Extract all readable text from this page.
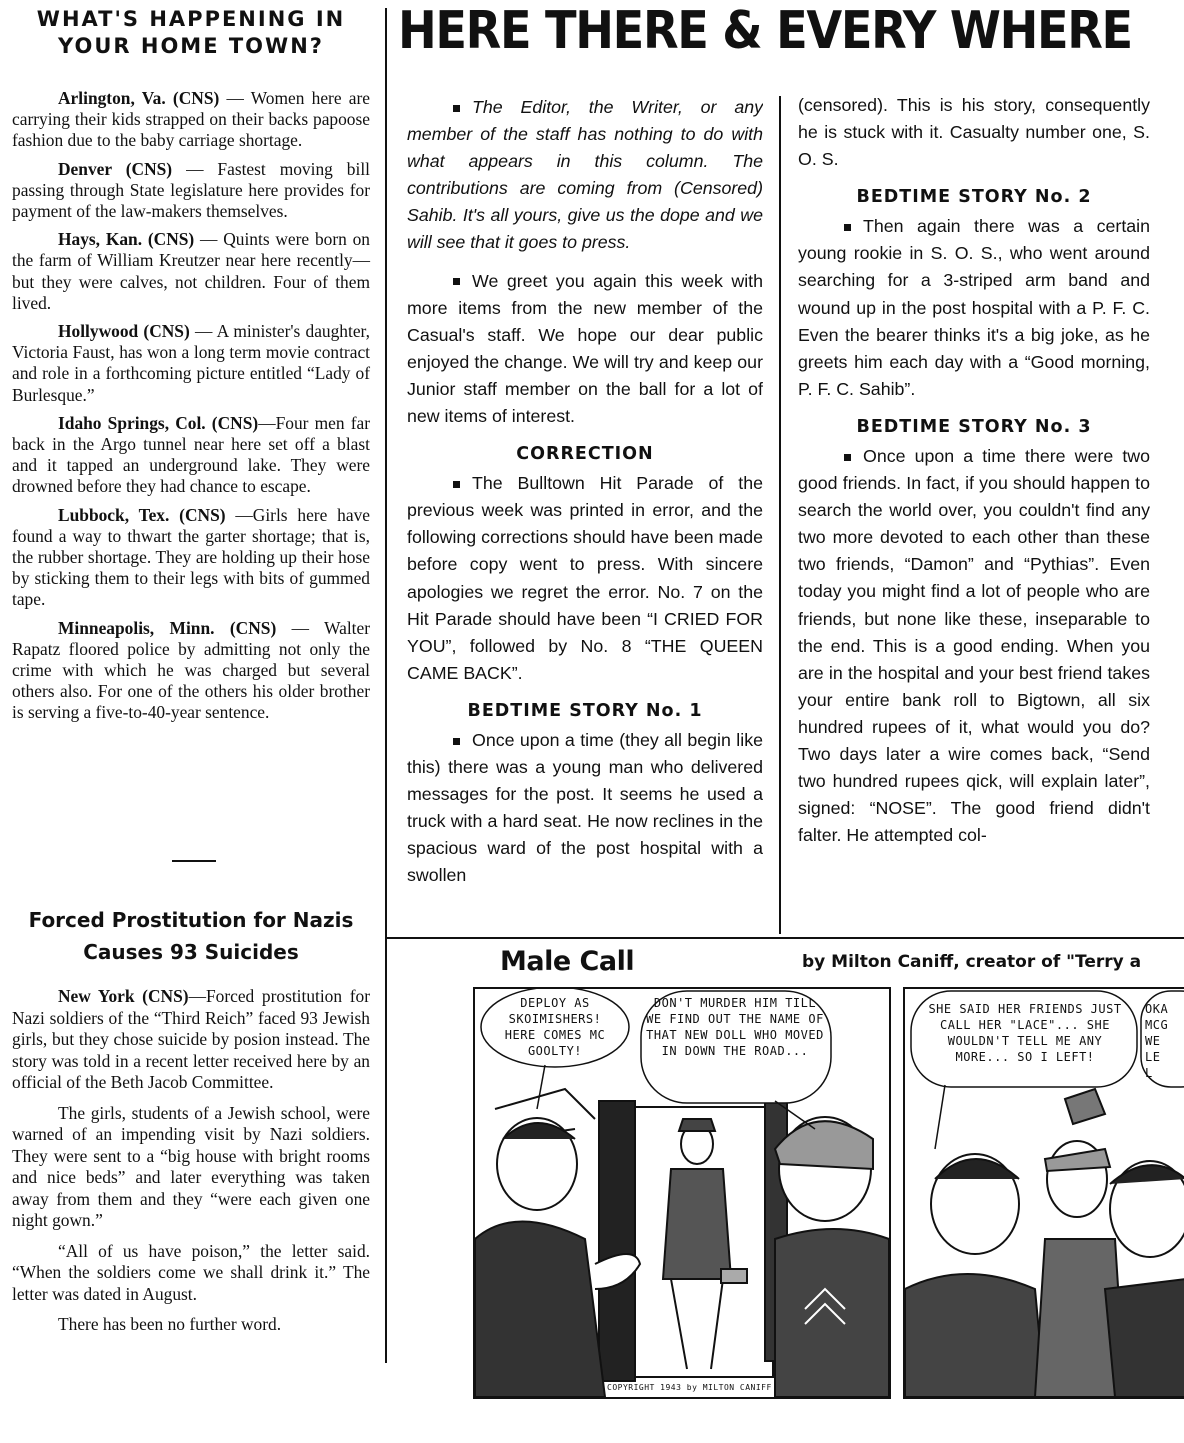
WHAT'S HAPPENING IN
YOUR HOME TOWN?

Arlington, Va. (CNS) — Women here are carrying their kids strapped on their backs papoose fashion due to the baby carriage shortage.

Denver (CNS) — Fastest moving bill passing through State legislature here provides for payment of the law-makers themselves.

Hays, Kan. (CNS) — Quints were born on the farm of William Kreutzer near here recently—but they were calves, not children. Four of them lived.

Hollywood (CNS) — A minister's daughter, Victoria Faust, has won a long term movie contract and role in a forthcoming picture entitled “Lady of Burlesque.”

Idaho Springs, Col. (CNS)—Four men far back in the Argo tunnel near here set off a blast and it tapped an underground lake. They were drowned before they had chance to escape.

Lubbock, Tex. (CNS) —Girls here have found a way to thwart the garter shortage; that is, the rubber shortage. They are holding up their hose by sticking them to their legs with bits of gummed tape.

Minneapolis, Minn. (CNS) — Walter Rapatz floored police by admitting not only the crime with which he was charged but several others also. For one of the others his older brother is serving a five-to-40-year sentence.

Forced Prostitution for Nazis
Causes 93 Suicides

New York (CNS)—Forced prostitution for Nazi soldiers of the “Third Reich” faced 93 Jewish girls, but they chose suicide by posion instead. The story was told in a recent letter received here by an official of the Beth Jacob Committee.

The girls, students of a Jewish school, were warned of an impending visit by Nazi soldiers. They were sent to a “big house with bright rooms and nice beds” and later everything was taken away from them and they “were each given one night gown.”

“All of us have poison,” the letter said. “When the soldiers come we shall drink it.” The letter was dated in August.

There has been no further word.

HERE THERE & EVERY WHERE

The Editor, the Writer, or any member of the staff has nothing to do with what appears in this column. The contributions are coming from (Censored) Sahib. It's all yours, give us the dope and we will see that it goes to press.

We greet you again this week with more items from the new member of the Casual's staff. We hope our dear public enjoyed the change. We will try and keep our Junior staff member on the ball for a lot of new items of interest.

CORRECTION

The Bulltown Hit Parade of the previous week was printed in error, and the following corrections should have been made before copy went to press. With sincere apologies we regret the error. No. 7 on the Hit Parade should have been “I CRIED FOR YOU”, followed by No. 8 “THE QUEEN CAME BACK”.

BEDTIME STORY No. 1

Once upon a time (they all begin like this) there was a young man who delivered messages for the post. It seems he used a truck with a hard seat. He now reclines in the spacious ward of the post hospital with a swollen

(censored). This is his story, consequently he is stuck with it. Casualty number one, S. O. S.

BEDTIME STORY No. 2

Then again there was a certain young rookie in S. O. S., who went around searching for a 3-striped arm band and wound up in the post hospital with a P. F. C. Even the bearer thinks it's a big joke, as he greets him each day with a “Good morning, P. F. C. Sahib”.

BEDTIME STORY No. 3

Once upon a time there were two good friends. In fact, if you should happen to search the world over, you couldn't find any two more devoted to each other than these two friends, “Damon” and “Pythias”. Even today you might find a lot of people who are friends, but none like these, inseparable to the end. This is a good ending. When you are in the hospital and your best friend takes your entire bank roll to Bigtown, all six hundred rupees of it, what would you do? Two days later a wire comes back, “Send two hundred rupees qick, will explain later”, signed: “NOSE”. The good friend didn't falter. He attempted col-

Male Call	by Milton Caniff, creator of "Terry a
DEPLOY AS SKOIMISHERS! HERE COMES MC GOOLTY!
DON'T MURDER HIM TILL WE FIND OUT THE NAME OF THAT NEW DOLL WHO MOVED IN DOWN THE ROAD...
COPYRIGHT 1943 by MILTON CANIFF
SHE SAID HER FRIENDS JUST CALL HER "LACE"... SHE WOULDN'T TELL ME ANY MORE... SO I LEFT!
OKA MCG WE LE L
